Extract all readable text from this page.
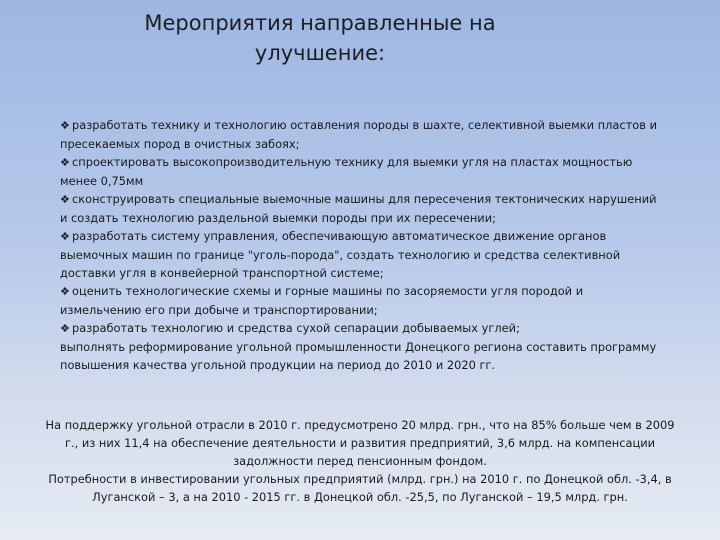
Мероприятия направленные на
улучшение:

❖ разработать технику и технологию оставления породы в шахте, селективной выемки пластов и пресекаемых пород в очистных забоях;

❖ спроектировать высокопроизводительную технику для выемки угля на пластах мощностью менее 0,75мм

❖ сконструировать специальные выемочные машины для пересечения тектонических нарушений и создать технологию раздельной выемки породы при их пересечении;

❖ разработать систему управления, обеспечивающую автоматическое движение органов выемочных машин по границе "уголь-порода", создать технологию и средства селективной доставки угля в конвейерной транспортной системе;

❖ оценить технологические схемы и горные машины по засоряемости угля породой и измельчению его при добыче и транспортировании;

❖ разработать технологию и средства сухой сепарации добываемых углей;

выполнять реформирование угольной промышленности Донецкого региона составить программу повышения качества угольной продукции на период до 2010 и 2020 гг.

На поддержку угольной отрасли в 2010 г. предусмотрено 20 млрд. грн., что на 85% больше чем в 2009 г., из них 11,4 на обеспечение деятельности и развития предприятий, 3,6 млрд. на компенсации задолжности перед пенсионным фондом.

Потребности в инвестировании угольных предприятий (млрд. грн.) на 2010 г. по Донецкой обл. -3,4, в Луганской – 3, а на 2010 - 2015 гг. в Донецкой обл. -25,5, по Луганской – 19,5 млрд. грн.
